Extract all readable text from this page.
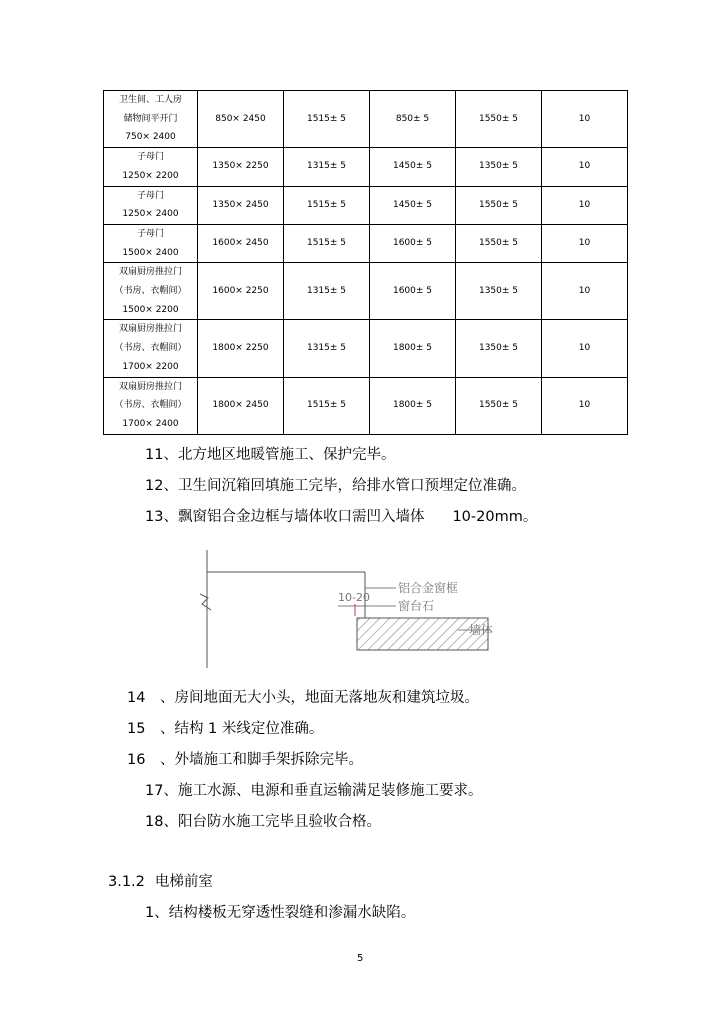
卫生间、工人房
储物间平开门
750× 2400	850× 2450	1515± 5	850± 5	1550± 5	10

子母门
1250× 2200	1350× 2250	1315± 5	1450± 5	1350± 5	10

子母门
1250× 2400	1350× 2450	1515± 5	1450± 5	1550± 5	10

子母门
1500× 2400	1600× 2450	1515± 5	1600± 5	1550± 5	10

双扇厨房推拉门
（书房、衣帽间）
1500× 2200	1600× 2250	1315± 5	1600± 5	1350± 5	10

双扇厨房推拉门
（书房、衣帽间）
1700× 2200	1800× 2250	1315± 5	1800± 5	1350± 5	10

双扇厨房推拉门
（书房、衣帽间）
1700× 2400	1800× 2450	1515± 5	1800± 5	1550± 5	10
11、北方地区地暖管施工、保护完毕。
12、卫生间沉箱回填施工完毕，给排水管口预埋定位准确。
13、飘窗铝合金边框与墙体收口需凹入墙体 10-20mm。
10-20
铝合金窗框
窗台石
墙体
14　、房间地面无大小头，地面无落地灰和建筑垃圾。
15　、结构 1 米线定位准确。
16　、外墙施工和脚手架拆除完毕。
17、施工水源、电源和垂直运输满足装修施工要求。
18、阳台防水施工完毕且验收合格。
3.1.2 电梯前室
1、结构楼板无穿透性裂缝和渗漏水缺陷。
5
